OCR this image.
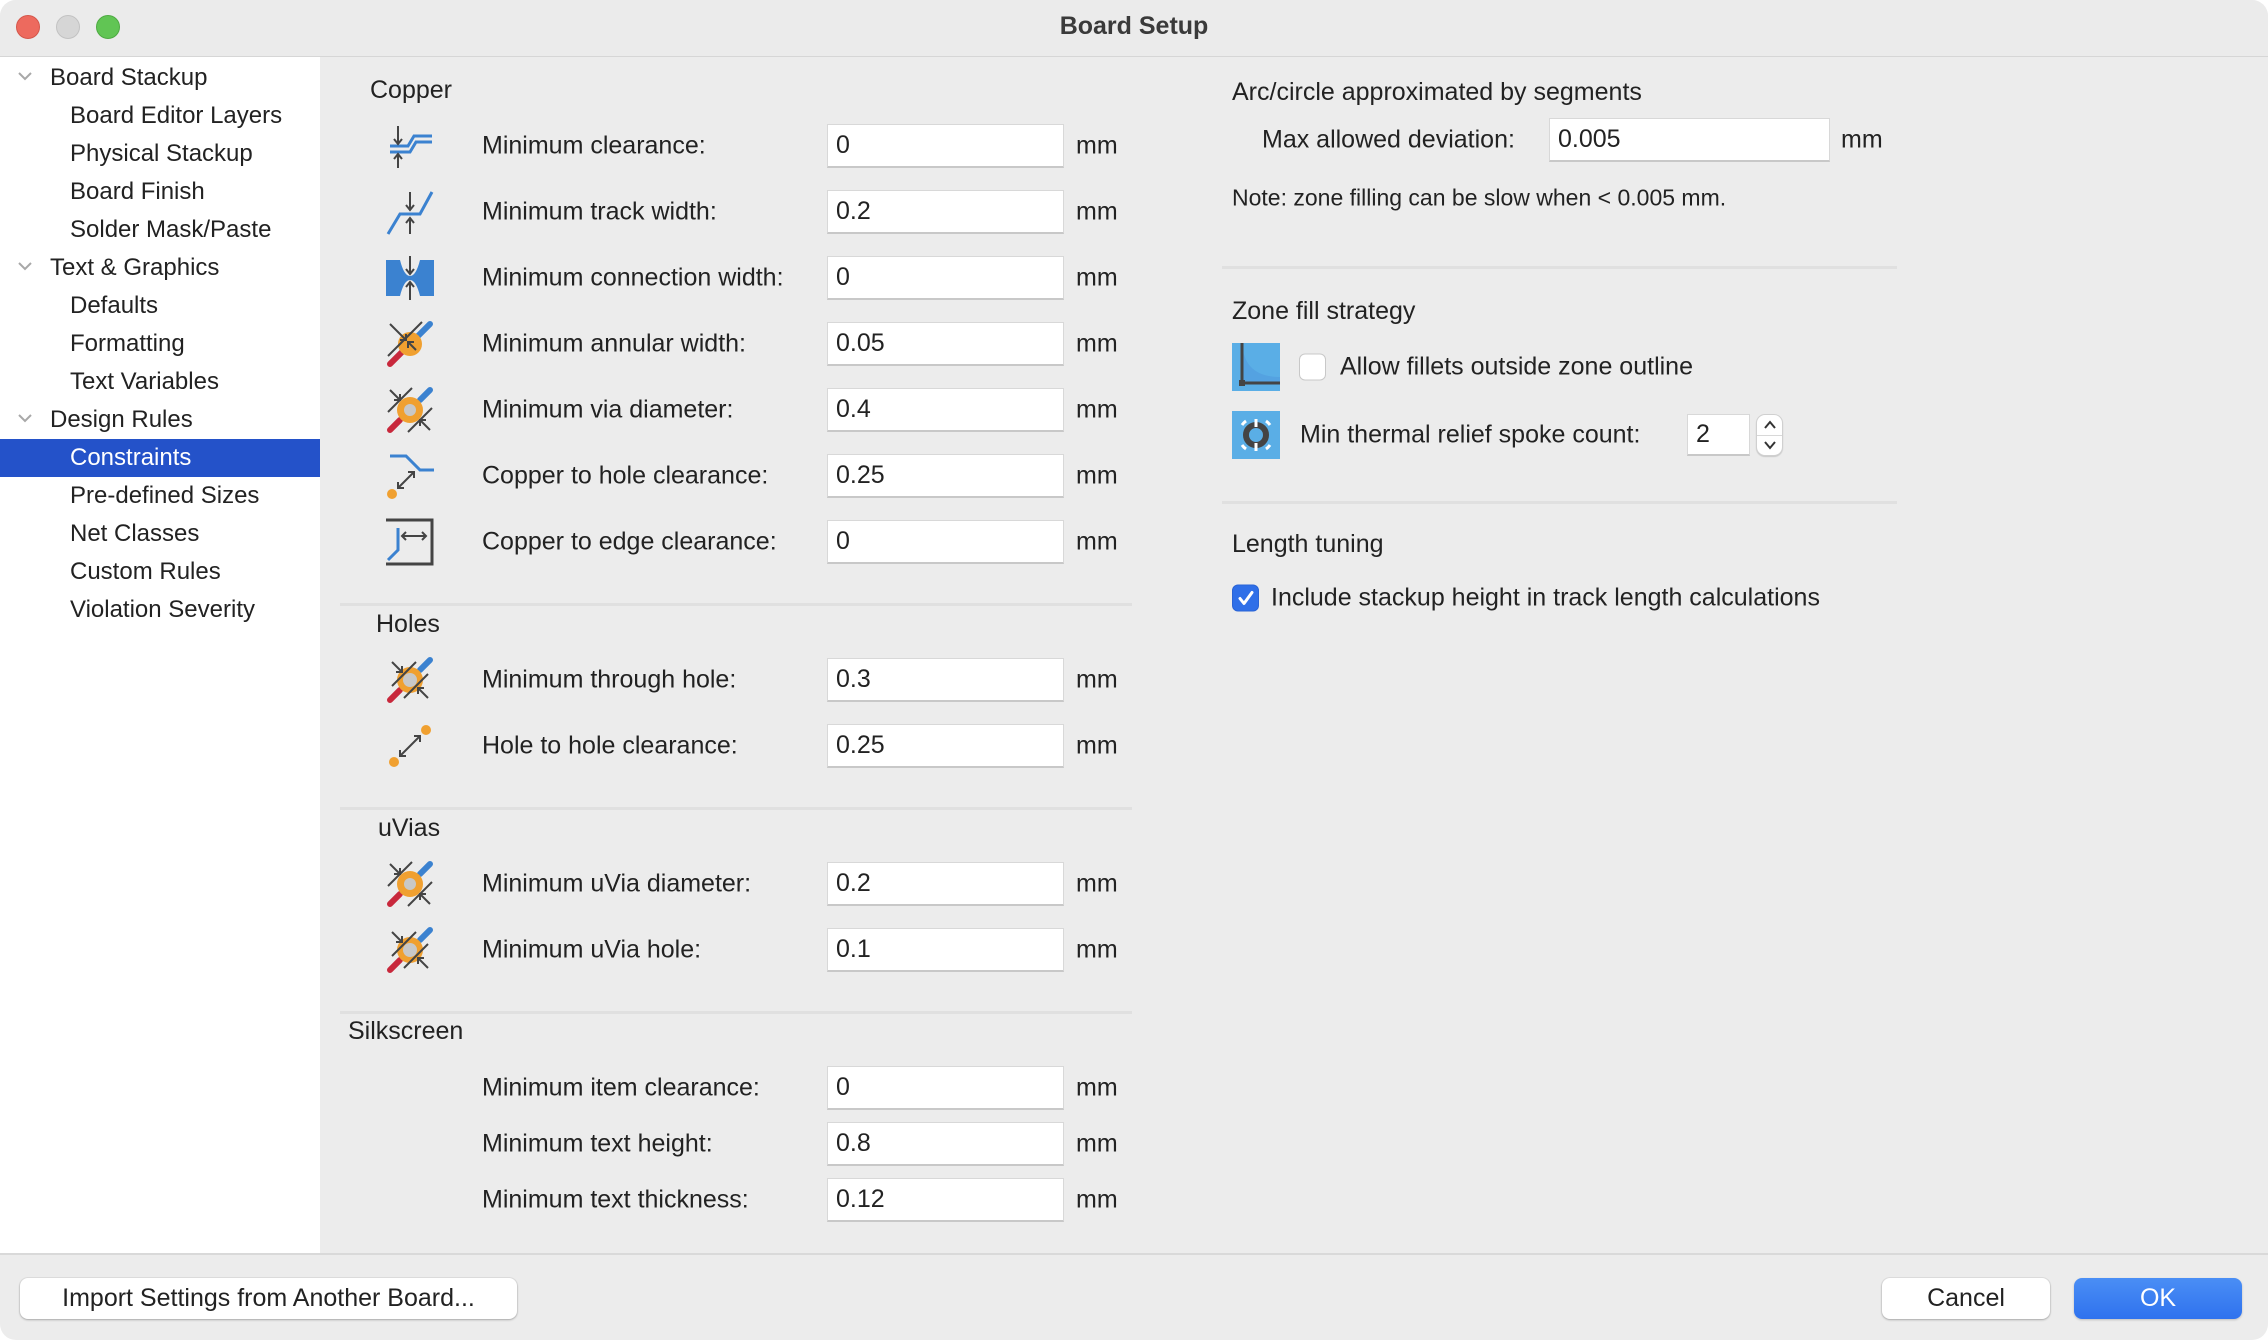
Board Setup
Board Stackup
Board Editor Layers
Physical Stackup
Board Finish
Solder Mask/Paste
Text & Graphics
Defaults
Formatting
Text Variables
Design Rules
Constraints
Pre-defined Sizes
Net Classes
Custom Rules
Violation Severity
Copper
Minimum clearance:	0	mm
Minimum track width:	0.2	mm
Minimum connection width:	0	mm
Minimum annular width:	0.05	mm
Minimum via diameter:	0.4	mm
Copper to hole clearance:	0.25	mm
Copper to edge clearance:	0	mm
Holes
Minimum through hole:	0.3	mm
Hole to hole clearance:	0.25	mm
uVias
Minimum uVia diameter:	0.2	mm
Minimum uVia hole:	0.1	mm
Silkscreen
Minimum item clearance:	0	mm
Minimum text height:	0.8	mm
Minimum text thickness:	0.12	mm
Arc/circle approximated by segments
Max allowed deviation:	0.005	mm
Note: zone filling can be slow when < 0.005 mm.
Zone fill strategy
Allow fillets outside zone outline
Min thermal relief spoke count:	2
Length tuning
Include stackup height in track length calculations
Import Settings from Another Board...	Cancel	OK
